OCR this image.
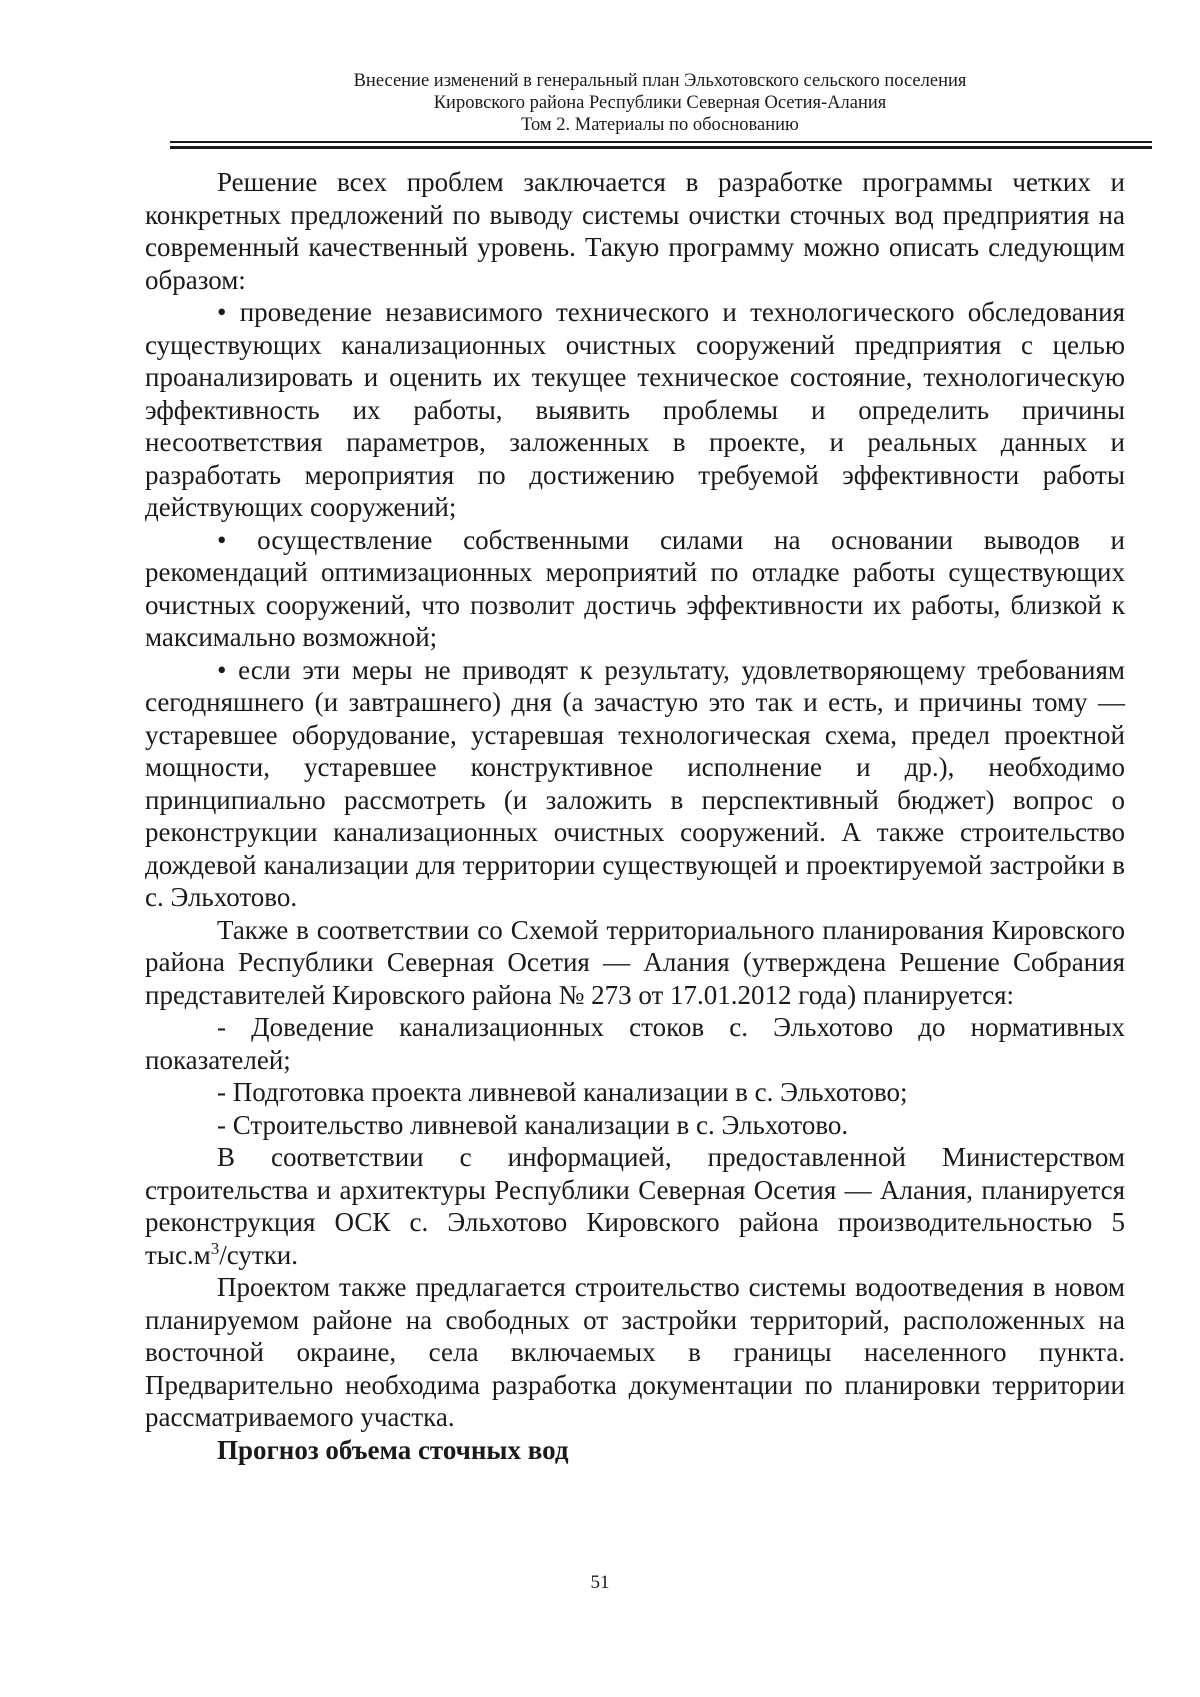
Внесение изменений в генеральный план Эльхотовского сельского поселения
Кировского района Республики Северная Осетия-Алания
Том 2. Материалы по обоснованию

Решение всех проблем заключается в разработке программы четких и конкретных предложений по выводу системы очистки сточных вод предприятия на современный качественный уровень. Такую программу можно описать следующим образом:

• проведение независимого технического и технологического обследования существующих канализационных очистных сооружений предприятия с целью проанализировать и оценить их текущее техническое состояние, технологическую эффективность их работы, выявить проблемы и определить причины несоответствия параметров, заложенных в проекте, и реальных данных и разработать мероприятия по достижению требуемой эффективности работы действующих сооружений;

• осуществление собственными силами на основании выводов и рекомендаций оптимизационных мероприятий по отладке работы существующих очистных сооружений, что позволит достичь эффективности их работы, близкой к максимально возможной;

• если эти меры не приводят к результату, удовлетворяющему требованиям сегодняшнего (и завтрашнего) дня (а зачастую это так и есть, и причины тому — устаревшее оборудование, устаревшая технологическая схема, предел проектной мощности, устаревшее конструктивное исполнение и др.), необходимо принципиально рассмотреть (и заложить в перспективный бюджет) вопрос о реконструкции канализационных очистных сооружений. А также строительство дождевой канализации для территории существующей и проектируемой застройки в с. Эльхотово.

Также в соответствии со Схемой территориального планирования Кировского района Республики Северная Осетия — Алания (утверждена Решение Собрания представителей Кировского района № 273 от 17.01.2012 года) планируется:

- Доведение канализационных стоков с. Эльхотово до нормативных показателей;

- Подготовка проекта ливневой канализации в с. Эльхотово;

- Строительство ливневой канализации в с. Эльхотово.

В соответствии с информацией, предоставленной Министерством строительства и архитектуры Республики Северная Осетия — Алания, планируется реконструкция ОСК с. Эльхотово Кировского района производительностью 5 $тыс.м^3$/сутки.

Проектом также предлагается строительство системы водоотведения в новом планируемом районе на свободных от застройки территорий, расположенных на восточной окраине, села включаемых в границы населенного пункта. Предварительно необходима разработка документации по планировки территории рассматриваемого участка.

Прогноз объема сточных вод

51
